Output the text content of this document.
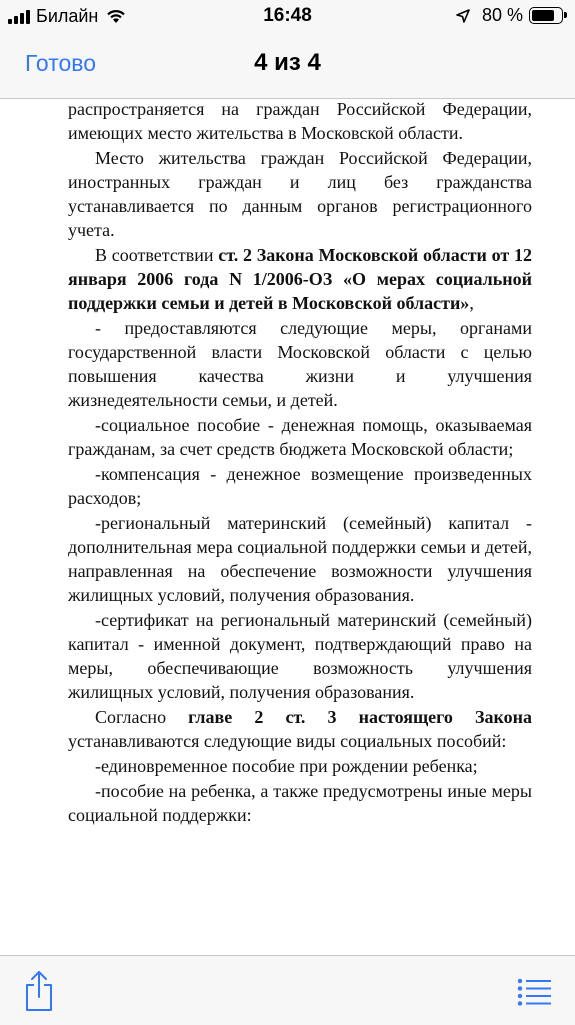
Билайн	16:48	80 %
Готово	4 из 4

распространяется на граждан Российской Федерации, имеющих место жительства в Московской области.

Место жительства граждан Российской Федерации, иностранных граждан и лиц без гражданства устанавливается по данным органов регистрационного учета.

В соответствии ст. 2 Закона Московской области от 12 января 2006 года N 1/2006-ОЗ «О мерах социальной поддержки семьи и детей в Московской области»,

- предоставляются следующие меры, органами государственной власти Московской области с целью повышения качества жизни и улучшения жизнедеятельности семьи, и детей.

-социальное пособие - денежная помощь, оказываемая гражданам, за счет средств бюджета Московской области;

-компенсация - денежное возмещение произведенных расходов;

-региональный материнский (семейный) капитал - дополнительная мера социальной поддержки семьи и детей, направленная на обеспечение возможности улучшения жилищных условий, получения образования.

-сертификат на региональный материнский (семейный) капитал - именной документ, подтверждающий право на меры, обеспечивающие возможность улучшения жилищных условий, получения образования.

Согласно главе 2 ст. 3 настоящего Закона устанавливаются следующие виды социальных пособий:

-единовременное пособие при рождении ребенка;

-пособие на ребенка, а также предусмотрены иные меры социальной поддержки:
